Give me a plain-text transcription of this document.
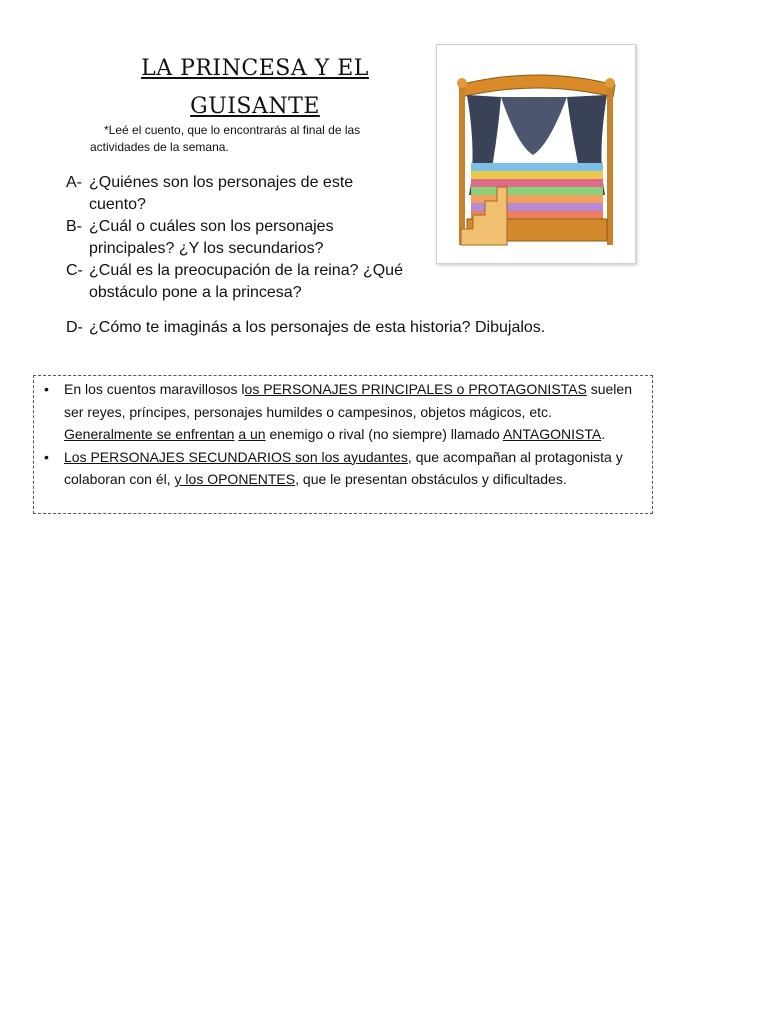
LA PRINCESA Y EL
GUISANTE

*Leé el cuento, que lo encontrarás al final de las actividades de la semana.

A- ¿Quiénes son los personajes de este cuento?
B- ¿Cuál o cuáles son los personajes principales? ¿Y los secundarios?
C- ¿Cuál es la preocupación de la reina? ¿Qué obstáculo pone a la princesa?
D- ¿Cómo te imaginás a los personajes de esta historia? Dibujalos.
•	En los cuentos maravillosos los PERSONAJES PRINCIPALES o PROTAGONISTAS suelen ser reyes, príncipes, personajes humildes o campesinos, objetos mágicos, etc. Generalmente se enfrentan a un enemigo o rival (no siempre) llamado ANTAGONISTA.
•	Los PERSONAJES SECUNDARIOS son los ayudantes, que acompañan al protagonista y colaboran con él, y los OPONENTES, que le presentan obstáculos y dificultades.
